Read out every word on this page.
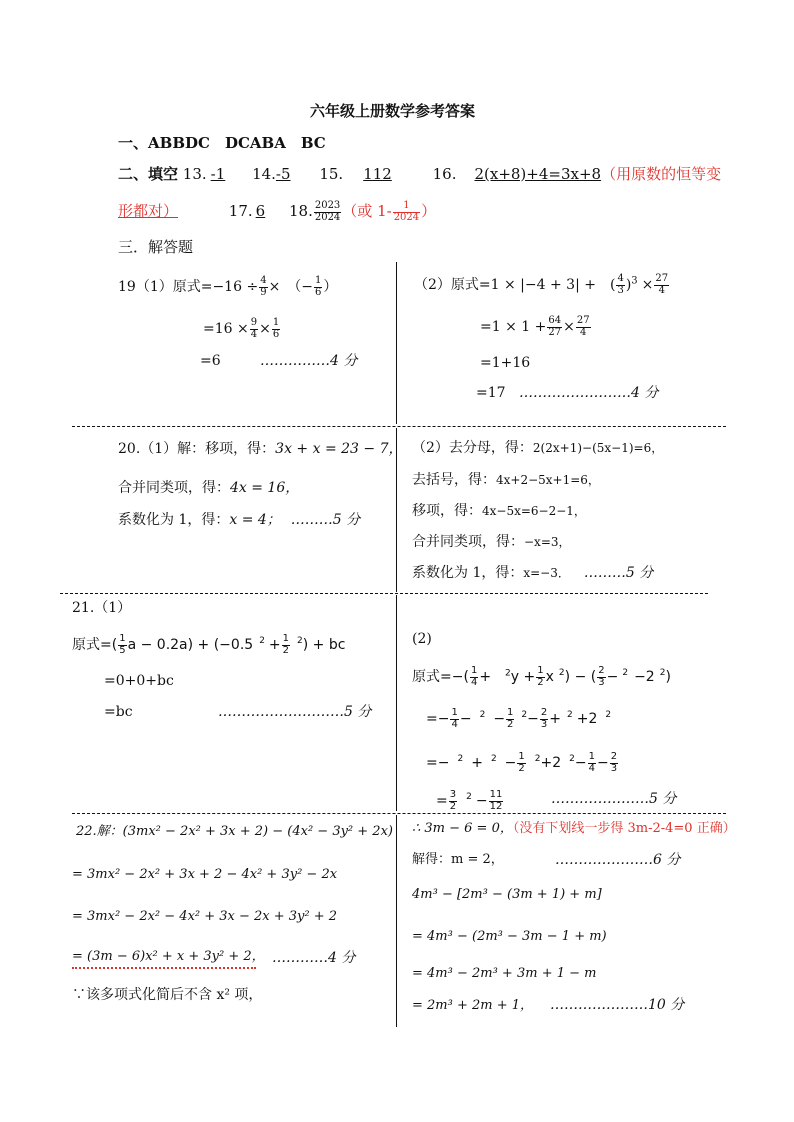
六年级上册数学参考答案
一、ABBDC　DCABA　BC
二、填空 13. -1 14.-5 15. 112	16. 2(x+8)+4=3x+8（用原数的恒等变
形都对）	17. 6 18. $\frac{2023}{2024}$ （或 $1- \frac{1}{2024}$ ）
三．解答题
19（1）原式$=-16 \div \frac{4}{9}$ ×　（− $\frac{1}{6}$ ）
$=16 \times \frac{9}{4} \times \frac{1}{6}$
=6	……………4 分
（2）原式=1 × |−4 + 3| +　( $\frac{4}{3} )^3 \times \frac{27}{4}$
$=1 \times 1 + \frac{64}{27} \times \frac{27}{4}$
=1+16
=17 ……………………4 分
20.（1）解：移项，得：3x + x = 23 − 7，
合并同类项，得：4x = 16，
系数化为 1，得：x = 4； ………5 分
（2）去分母，得：2(2x+1)−(5x−1)=6，
去括号，得：4x+2−5x+1=6，
移项，得：4x−5x=6−2−1，
合并同类项，得：−x=3，
系数化为 1，得：x=−3． ………5 分
21.（1）
原式=( $\frac{1}{5}$ a − 0.2a) + (−0.5 $^2 + \frac{1}{2} ^2$) + bc
=0+0+bc
=bc	………………………5 分
(2)
原式=−( $\frac{1}{4}$ +　$^2y + \frac{1}{2}$ x $^2$) − ( $\frac{2}{3} - ^2 -2$ $^2$)
=− $\frac{1}{4} - ^2 - \frac{1}{2} ^2- \frac{2}{3} + ^2 +2$ $^2$
=− $^2 + ^2 - \frac{1}{2} ^2+2$ $^2- \frac{1}{4} - \frac{2}{3}$
= $\frac{3}{2} ^2 - \frac{11}{12}$	…………………5 分
22.解：(3mx² − 2x² + 3x + 2) − (4x² − 3y² + 2x)
= 3mx² − 2x² + 3x + 2 − 4x² + 3y² − 2x
= 3mx² − 2x² − 4x² + 3x − 2x + 3y² + 2
= (3m − 6)x² + x + 3y² + 2， …………4 分
∵该多项式化简后不含 x² 项，
∴ 3m − 6 = 0，（没有下划线一步得 3m-2-4=0 正确）
解得：m = 2，	…………………6 分
4m³ − [2m³ − (3m + 1) + m]
= 4m³ − (2m³ − 3m − 1 + m)
= 4m³ − 2m³ + 3m + 1 − m
= 2m³ + 2m + 1， …………………10 分
